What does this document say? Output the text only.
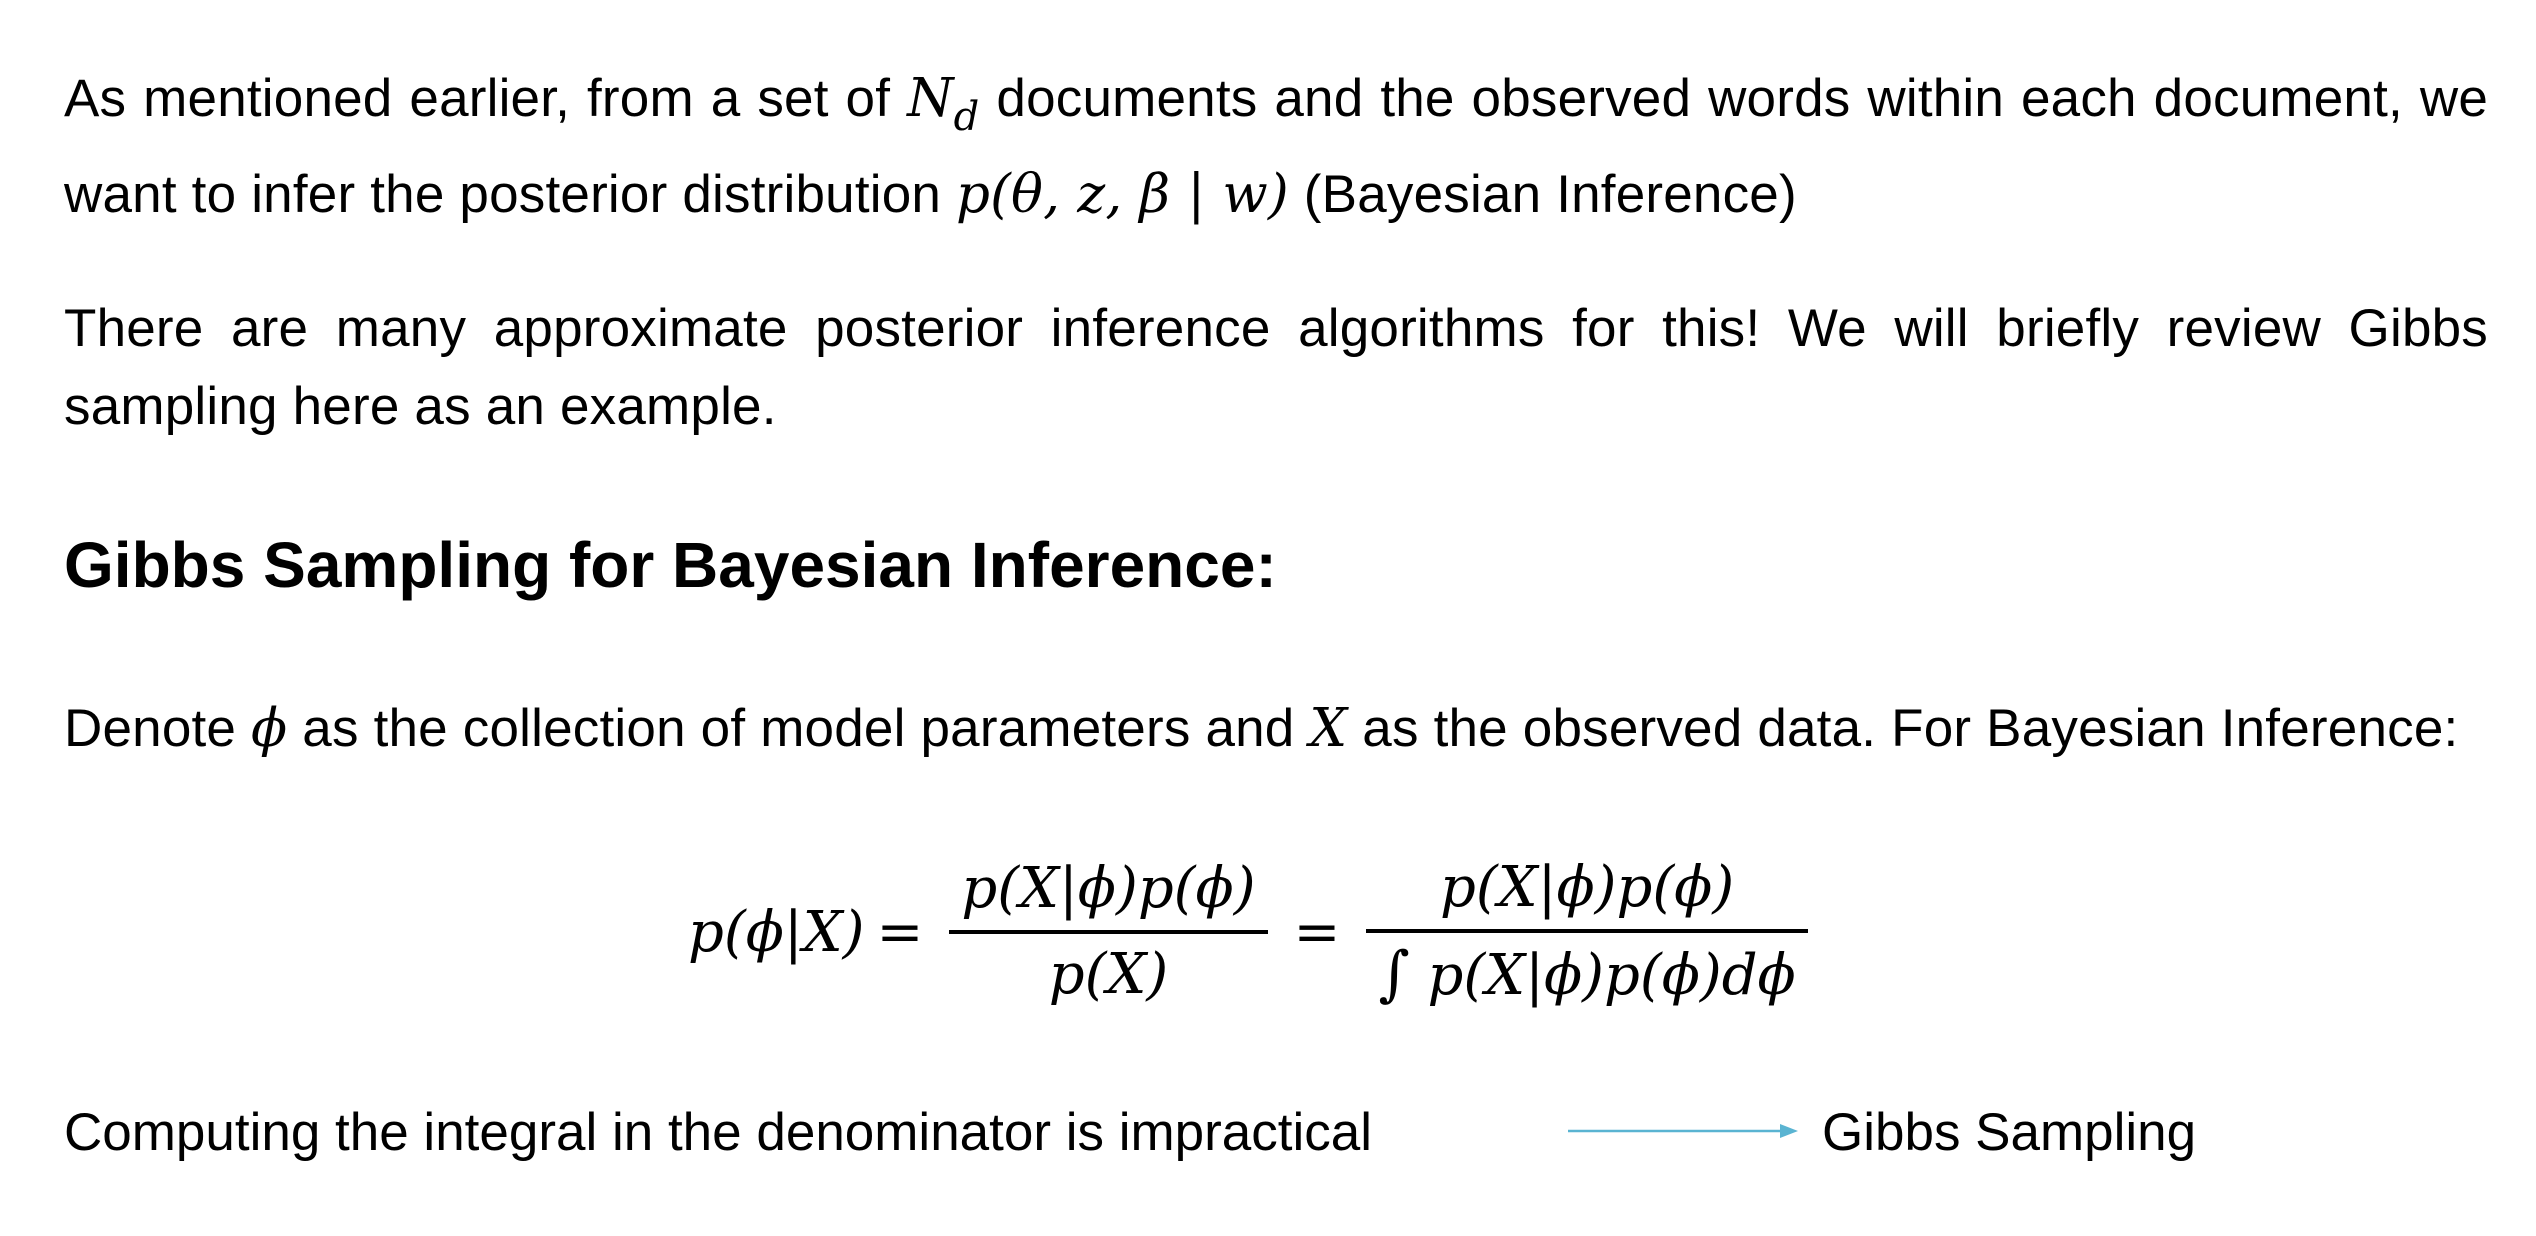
As mentioned earlier, from a set of $N_d$ documents and the observed words within each document, we want to infer the posterior distribution p(θ, z, β | w) (Bayesian Inference)
There are many approximate posterior inference algorithms for this! We will briefly review Gibbs sampling here as an example.
Gibbs Sampling for Bayesian Inference:
Denote ϕ as the collection of model parameters and X as the observed data. For Bayesian Inference:
$p(\phi|X) = \frac{p(X|\phi)p(\phi)}{p(X)} = \frac{p(X|\phi)p(\phi)}{\int p(X|\phi)p(\phi)d\phi}$
Computing the integral in the denominator is impractical	Gibbs Sampling
